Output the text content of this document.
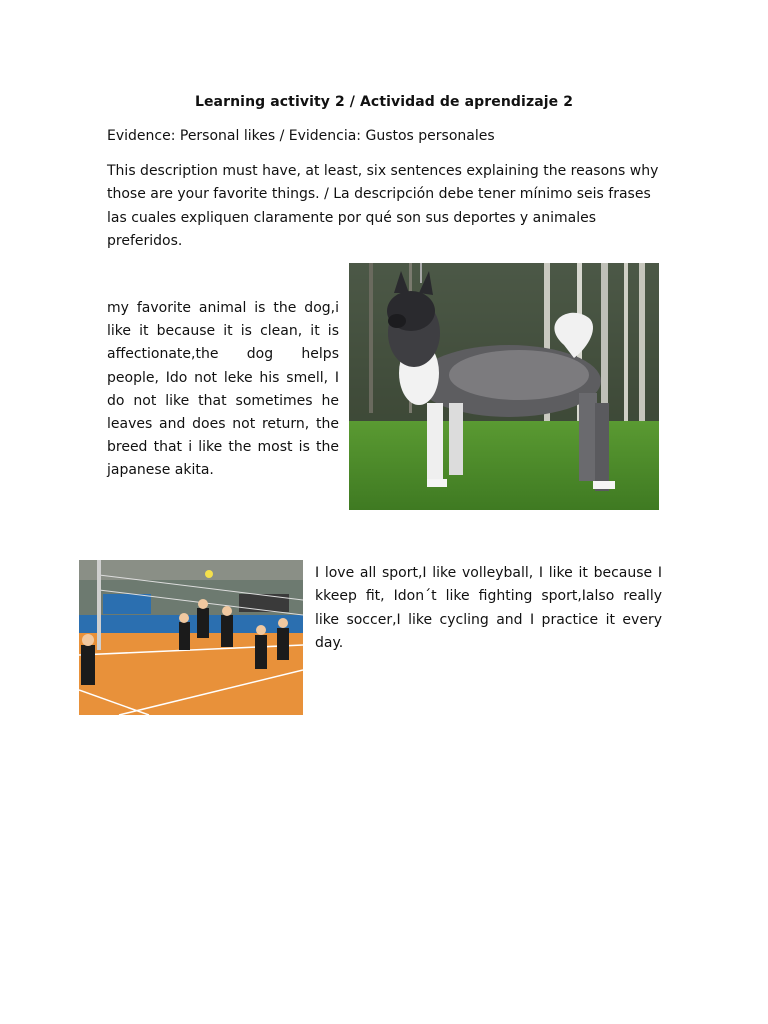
Learning activity 2 / Actividad de aprendizaje 2
Evidence: Personal likes / Evidencia: Gustos personales
This description must have, at least, six sentences explaining the reasons why those are your favorite things. / La descripción debe tener mínimo seis frases las cuales expliquen claramente por qué son sus deportes y animales preferidos.
my favorite animal is the dog,i like it because it is clean, it is affectionate,the dog helps people, Ido not leke his smell, I do not like that sometimes he leaves and does not return, the breed that i like the most is the japanese akita.
I love all sport,I like volleyball, I like it because I kkeep fit, Idon´t like fighting sport,Ialso really like soccer,I like cycling and I practice it every day.
